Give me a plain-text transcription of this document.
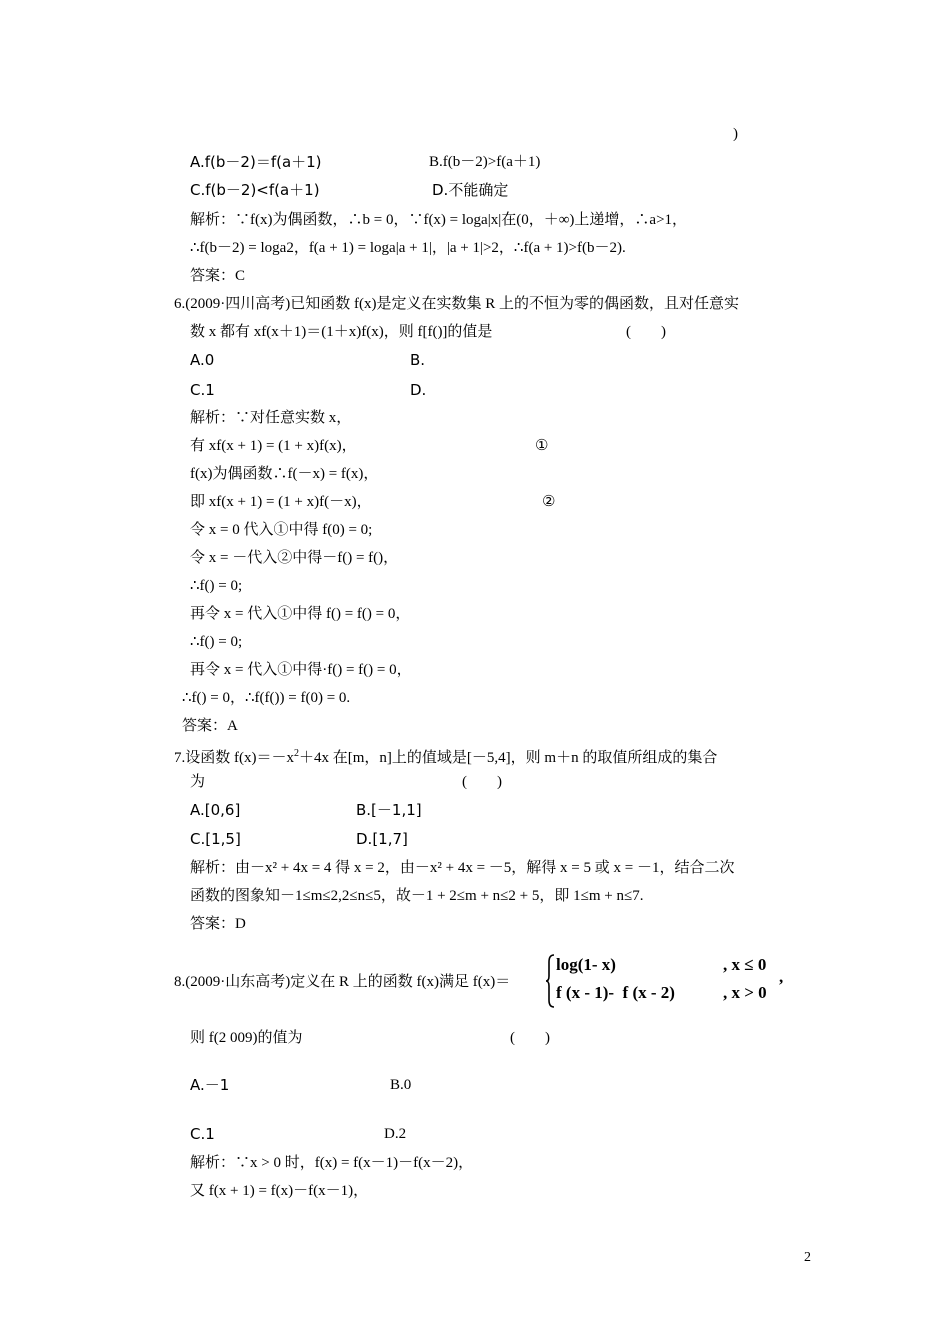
)
A.f(b－2)＝f(a＋1)	B.f(b－2)>f(a＋1)
C.f(b－2)<f(a＋1)	D.不能确定
解析：∵f(x)为偶函数，∴b = 0，∵f(x) = loga|x|在(0，＋∞)上递增，∴a>1，
∴f(b－2) = loga2，f(a + 1) = loga|a + 1|，|a + 1|>2，∴f(a + 1)>f(b－2).
答案：C
6.(2009·四川高考)已知函数 f(x)是定义在实数集 R 上的不恒为零的偶函数，且对任意实
数 x 都有 xf(x＋1)＝(1＋x)f(x)，则 f[f()]的值是	(        )
A.0	B.
C.1	D.
解析：∵对任意实数 x，
有 xf(x + 1) = (1 + x)f(x)，	①
f(x)为偶函数∴f(－x) = f(x)，
即 xf(x + 1) = (1 + x)f(－x)，	②
令 x = 0 代入①中得 f(0) = 0;
令 x = －代入②中得－f() = f()，
∴f() = 0;
再令 x = 代入①中得 f() = f() = 0，
∴f() = 0;
再令 x = 代入①中得·f() = f() = 0，
∴f() = 0，∴f(f()) = f(0) = 0.
答案：A
7.设函数 $f(x)=-x^2+4x$ 在[m，n]上的值域是[－5,4]，则 m＋n 的取值所组成的集合
为	(        )
A.[0,6]	B.[－1,1]
C.[1,5]	D.[1,7]
解析：由－x² + 4x = 4 得 x = 2，由－x² + 4x = －5，解得 x = 5 或 x = －1，结合二次
函数的图象知－1≤m≤2,2≤n≤5，故－1 + 2≤m + n≤2 + 5，即 1≤m + n≤7.
答案：D
8.(2009·山东高考)定义在 R 上的函数 f(x)满足 f(x)＝
log(1- x)	, x ≤ 0
f (x - 1)-  f (x - 2)	, x > 0
,
则 f(2 009)的值为	(        )
A.－1	B.0
C.1	D.2
解析：∵x > 0 时，f(x) = f(x－1)－f(x－2)，
又 f(x + 1) = f(x)－f(x－1)，
2
